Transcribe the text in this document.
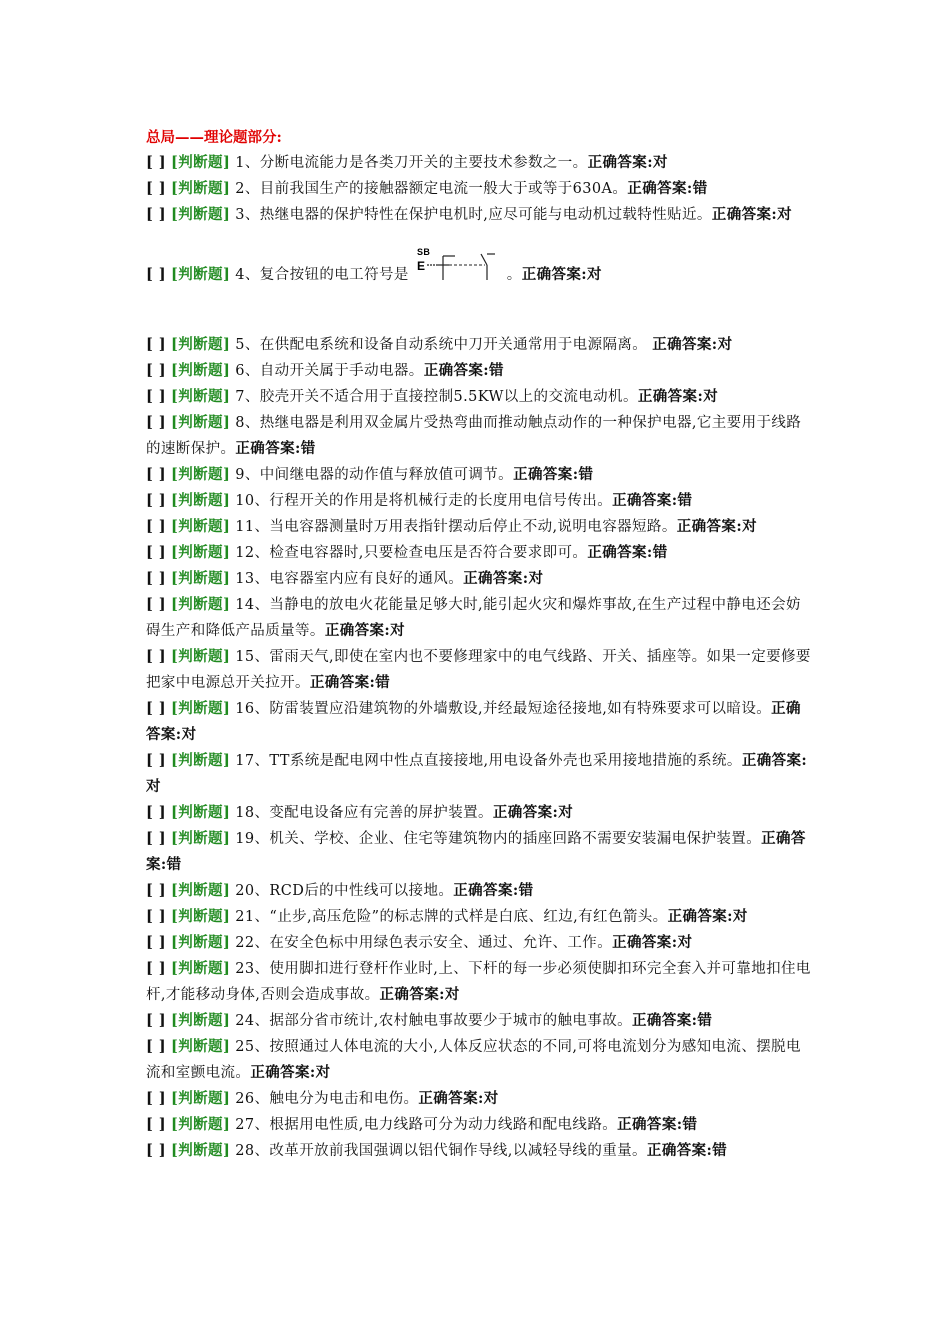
总局——理论题部分:

[ ] [判断题] 1、分断电流能力是各类刀开关的主要技术参数之一。正确答案:对

[ ] [判断题] 2、目前我国生产的接触器额定电流一般大于或等于630A。正确答案:错

[ ] [判断题] 3、热继电器的保护特性在保护电机时,应尽可能与电动机过载特性贴近。正确答案:对

[ ] [判断题] 4、复合按钮的电工符号是
SB
E
。正确答案:对

[ ] [判断题] 5、在供配电系统和设备自动系统中刀开关通常用于电源隔离。 正确答案:对

[ ] [判断题] 6、自动开关属于手动电器。正确答案:错

[ ] [判断题] 7、胶壳开关不适合用于直接控制5.5KW以上的交流电动机。正确答案:对

[ ] [判断题] 8、热继电器是利用双金属片受热弯曲而推动触点动作的一种保护电器,它主要用于线路的速断保护。正确答案:错

[ ] [判断题] 9、中间继电器的动作值与释放值可调节。正确答案:错

[ ] [判断题] 10、行程开关的作用是将机械行走的长度用电信号传出。正确答案:错

[ ] [判断题] 11、当电容器测量时万用表指针摆动后停止不动,说明电容器短路。正确答案:对

[ ] [判断题] 12、检查电容器时,只要检查电压是否符合要求即可。正确答案:错

[ ] [判断题] 13、电容器室内应有良好的通风。正确答案:对

[ ] [判断题] 14、当静电的放电火花能量足够大时,能引起火灾和爆炸事故,在生产过程中静电还会妨碍生产和降低产品质量等。正确答案:对

[ ] [判断题] 15、雷雨天气,即使在室内也不要修理家中的电气线路、开关、插座等。如果一定要修要把家中电源总开关拉开。正确答案:错

[ ] [判断题] 16、防雷装置应沿建筑物的外墙敷设,并经最短途径接地,如有特殊要求可以暗设。正确答案:对

[ ] [判断题] 17、TT系统是配电网中性点直接接地,用电设备外壳也采用接地措施的系统。正确答案:对

[ ] [判断题] 18、变配电设备应有完善的屏护装置。正确答案:对

[ ] [判断题] 19、机关、学校、企业、住宅等建筑物内的插座回路不需要安装漏电保护装置。正确答案:错

[ ] [判断题] 20、RCD后的中性线可以接地。正确答案:错

[ ] [判断题] 21、“止步,高压危险”的标志牌的式样是白底、红边,有红色箭头。正确答案:对

[ ] [判断题] 22、在安全色标中用绿色表示安全、通过、允许、工作。正确答案:对

[ ] [判断题] 23、使用脚扣进行登杆作业时,上、下杆的每一步必须使脚扣环完全套入并可靠地扣住电杆,才能移动身体,否则会造成事故。正确答案:对

[ ] [判断题] 24、据部分省市统计,农村触电事故要少于城市的触电事故。正确答案:错

[ ] [判断题] 25、按照通过人体电流的大小,人体反应状态的不同,可将电流划分为感知电流、摆脱电流和室颤电流。正确答案:对

[ ] [判断题] 26、触电分为电击和电伤。正确答案:对

[ ] [判断题] 27、根据用电性质,电力线路可分为动力线路和配电线路。正确答案:错

[ ] [判断题] 28、改革开放前我国强调以铝代铜作导线,以减轻导线的重量。正确答案:错
